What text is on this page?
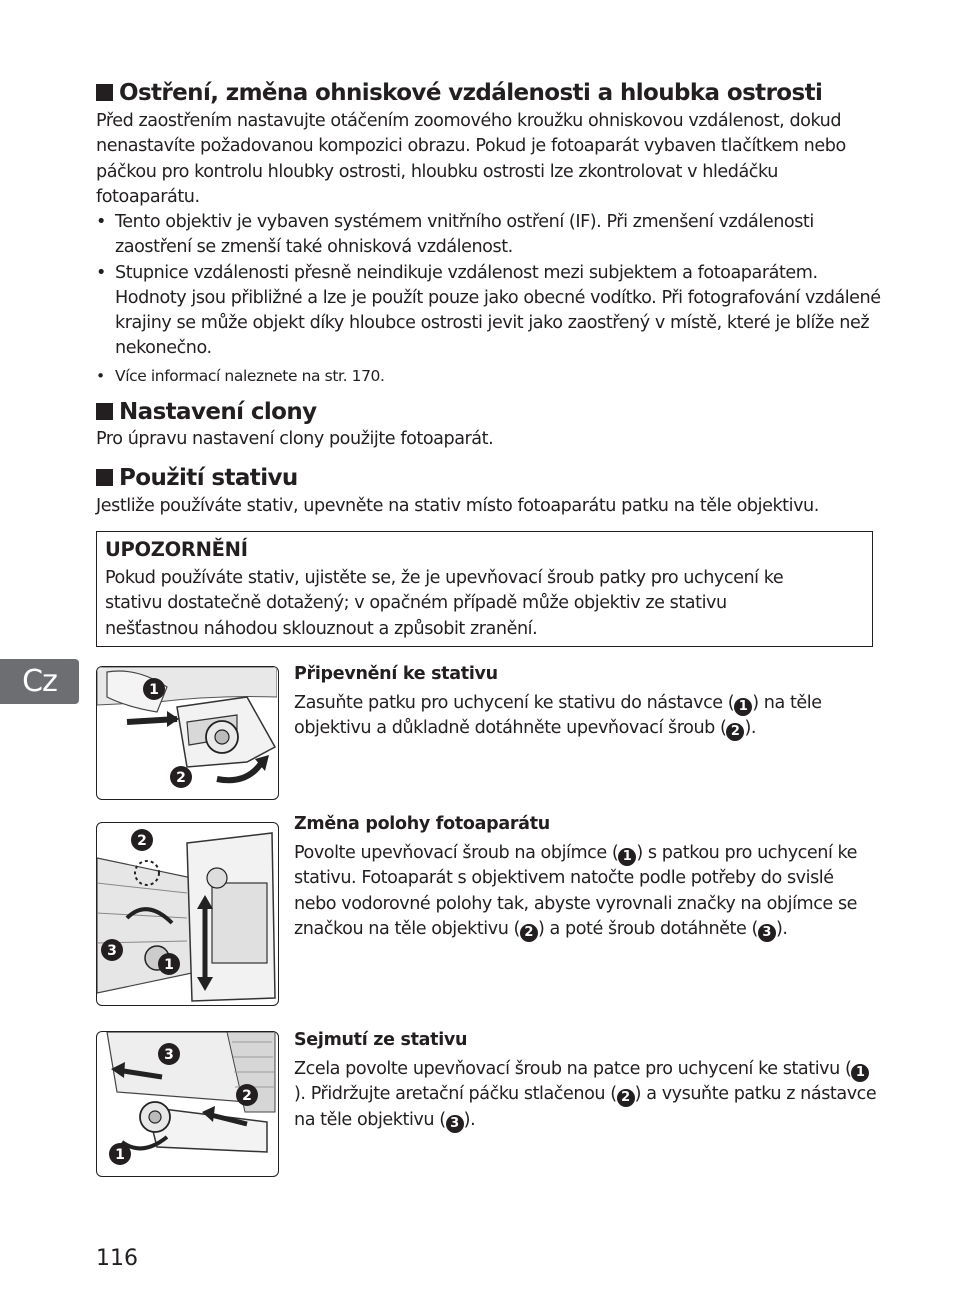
Ostření, změna ohniskové vzdálenosti a hloubka ostrosti
Před zaostřením nastavujte otáčením zoomového kroužku ohniskovou vzdálenost, dokud nenastavíte požadovanou kompozici obrazu. Pokud je fotoaparát vybaven tlačítkem nebo páčkou pro kontrolu hloubky ostrosti, hloubku ostrosti lze zkontrolovat v hledáčku fotoaparátu.
• Tento objektiv je vybaven systémem vnitřního ostření (IF). Při zmenšení vzdálenosti zaostření se zmenší také ohnisková vzdálenost.
• Stupnice vzdálenosti přesně neindikuje vzdálenost mezi subjektem a fotoaparátem. Hodnoty jsou přibližné a lze je použít pouze jako obecné vodítko. Při fotografování vzdálené krajiny se může objekt díky hloubce ostrosti jevit jako zaostřený v místě, které je blíže než nekonečno.
• Více informací naleznete na str. 170.
Nastavení clony
Pro úpravu nastavení clony použijte fotoaparát.
Použití stativu
Jestliže používáte stativ, upevněte na stativ místo fotoaparátu patku na těle objektivu.
UPOZORNĚNÍ
Pokud používáte stativ, ujistěte se, že je upevňovací šroub patky pro uchycení ke stativu dostatečně dotažený; v opačném případě může objektiv ze stativu nešťastnou náhodou sklouznout a způsobit zranění.
Cz	1
2
Připevnění ke stativu
Zasuňte patku pro uchycení ke stativu do nástavce ( 1 ) na těle objektivu a důkladně dotáhněte upevňovací šroub ( 2 ).
2
3
1
Změna polohy fotoaparátu
Povolte upevňovací šroub na objímce ( 1 ) s patkou pro uchycení ke stativu. Fotoaparát s objektivem natočte podle potřeby do svislé nebo vodorovné polohy tak, abyste vyrovnali značky na objímce se značkou na těle objektivu ( 2 ) a poté šroub dotáhněte ( 3 ).
3
2
1
Sejmutí ze stativu
Zcela povolte upevňovací šroub na patce pro uchycení ke stativu ( 1). Přidržujte aretační páčku stlačenou ( 2 ) a vysuňte patku z nástavce na těle objektivu ( 3 ).
116
